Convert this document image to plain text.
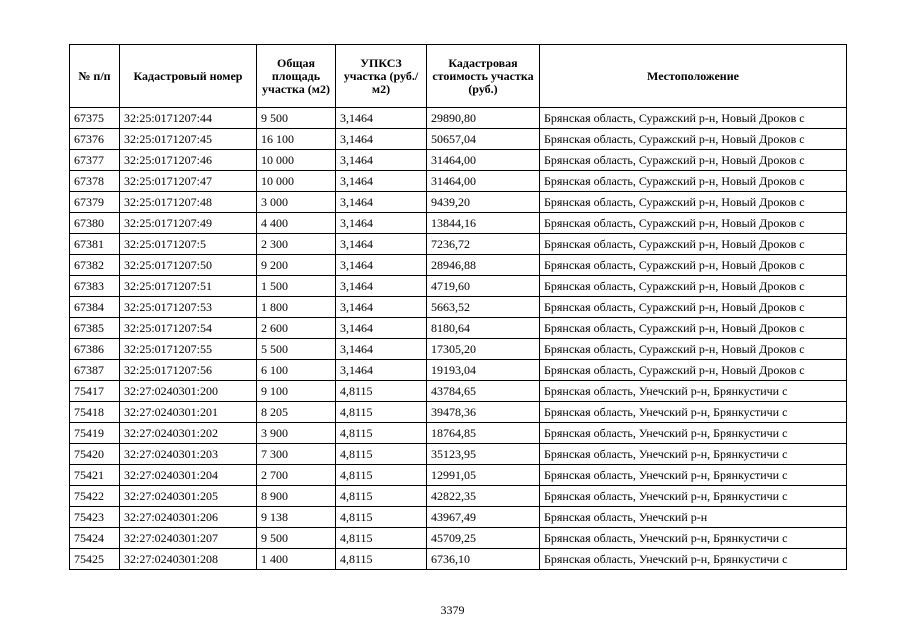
№ п/п	Кадастровый номер	Общая площадь участка (м2)	УПКСЗ участка (руб./м2)	Кадастровая стоимость участка (руб.)	Местоположение

67375	32:25:0171207:44	9 500	3,1464	29890,80	Брянская область, Суражский р-н, Новый Дроков с
67376	32:25:0171207:45	16 100	3,1464	50657,04	Брянская область, Суражский р-н, Новый Дроков с
67377	32:25:0171207:46	10 000	3,1464	31464,00	Брянская область, Суражский р-н, Новый Дроков с
67378	32:25:0171207:47	10 000	3,1464	31464,00	Брянская область, Суражский р-н, Новый Дроков с
67379	32:25:0171207:48	3 000	3,1464	9439,20	Брянская область, Суражский р-н, Новый Дроков с
67380	32:25:0171207:49	4 400	3,1464	13844,16	Брянская область, Суражский р-н, Новый Дроков с
67381	32:25:0171207:5	2 300	3,1464	7236,72	Брянская область, Суражский р-н, Новый Дроков с
67382	32:25:0171207:50	9 200	3,1464	28946,88	Брянская область, Суражский р-н, Новый Дроков с
67383	32:25:0171207:51	1 500	3,1464	4719,60	Брянская область, Суражский р-н, Новый Дроков с
67384	32:25:0171207:53	1 800	3,1464	5663,52	Брянская область, Суражский р-н, Новый Дроков с
67385	32:25:0171207:54	2 600	3,1464	8180,64	Брянская область, Суражский р-н, Новый Дроков с
67386	32:25:0171207:55	5 500	3,1464	17305,20	Брянская область, Суражский р-н, Новый Дроков с
67387	32:25:0171207:56	6 100	3,1464	19193,04	Брянская область, Суражский р-н, Новый Дроков с
75417	32:27:0240301:200	9 100	4,8115	43784,65	Брянская область, Унечский р-н, Брянкустичи с
75418	32:27:0240301:201	8 205	4,8115	39478,36	Брянская область, Унечский р-н, Брянкустичи с
75419	32:27:0240301:202	3 900	4,8115	18764,85	Брянская область, Унечский р-н, Брянкустичи с
75420	32:27:0240301:203	7 300	4,8115	35123,95	Брянская область, Унечский р-н, Брянкустичи с
75421	32:27:0240301:204	2 700	4,8115	12991,05	Брянская область, Унечский р-н, Брянкустичи с
75422	32:27:0240301:205	8 900	4,8115	42822,35	Брянская область, Унечский р-н, Брянкустичи с
75423	32:27:0240301:206	9 138	4,8115	43967,49	Брянская область, Унечский р-н
75424	32:27:0240301:207	9 500	4,8115	45709,25	Брянская область, Унечский р-н, Брянкустичи с
75425	32:27:0240301:208	1 400	4,8115	6736,10	Брянская область, Унечский р-н, Брянкустичи с
3379
